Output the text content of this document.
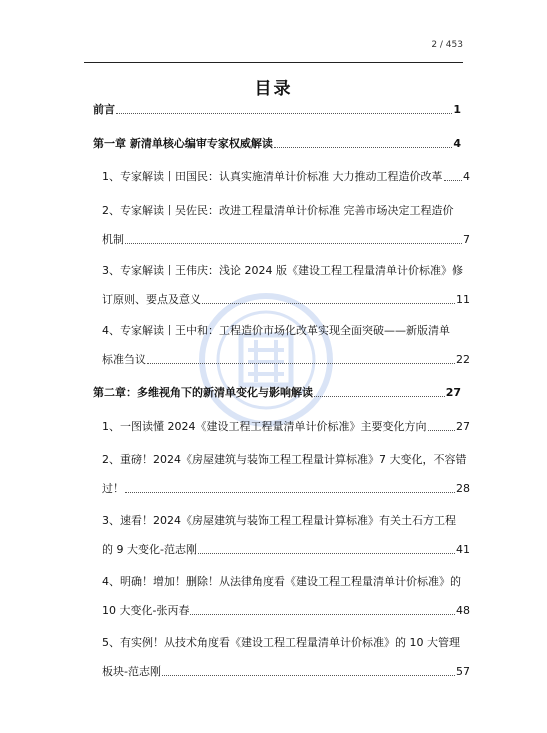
2 / 453
目录
前言	1
第一章 新清单核心编审专家权威解读	4
1、专家解读丨田国民：认真实施清单计价标准 大力推动工程造价改革 4
2、专家解读丨吴佐民：改进工程量清单计价标准 完善市场决定工程造价
机制	7
3、专家解读丨王伟庆：浅论 2024 版《建设工程工程量清单计价标准》修
订原则、要点及意义	11
4、专家解读丨王中和：工程造价市场化改革实现全面突破——新版清单
标准刍议	22
第二章：多维视角下的新清单变化与影响解读	27
1、一图读懂 2024《建设工程工程量清单计价标准》主要变化方向	27
2、重磅！2024《房屋建筑与装饰工程工程量计算标准》7 大变化，不容错
过！	28
3、速看！2024《房屋建筑与装饰工程工程量计算标准》有关土石方工程
的 9 大变化-范志刚	41
4、明确！增加！删除！从法律角度看《建设工程工程量清单计价标准》的
10 大变化-张丙春	48
5、有实例！从技术角度看《建设工程工程量清单计价标准》的 10 大管理
板块-范志刚	57
